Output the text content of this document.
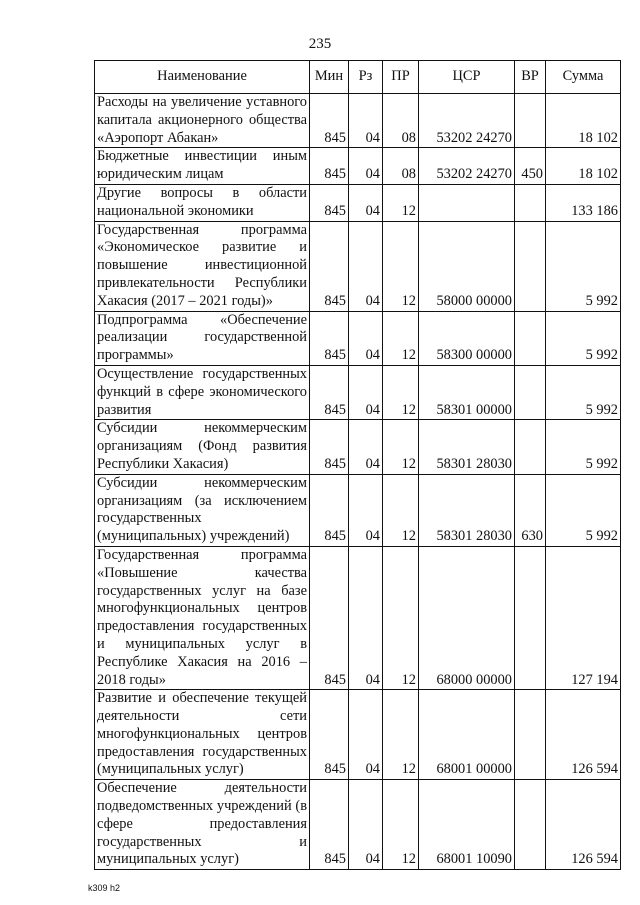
235
Наименование	Мин	Рз	ПР	ЦСР	ВР	Сумма
Расходы на увеличение уставного капитала акционерного общества «Аэропорт Абакан»	845	04	08	53202 24270		18 102
Бюджетные инвестиции иным юридическим лицам	845	04	08	53202 24270	450	18 102
Другие вопросы в области национальной экономики	845	04	12			133 186
Государственная программа «Экономическое развитие и повышение инвестиционной привлекательности Республики Хакасия (2017 – 2021 годы)»	845	04	12	58000 00000		5 992
Подпрограмма «Обеспечение реализации государственной программы»	845	04	12	58300 00000		5 992
Осуществление государственных функций в сфере экономического развития	845	04	12	58301 00000		5 992
Субсидии некоммерческим организациям (Фонд развития Республики Хакасия)	845	04	12	58301 28030		5 992
Субсидии некоммерческим организациям (за исключением государственных (муниципальных) учреждений)	845	04	12	58301 28030	630	5 992
Государственная программа «Повышение качества государственных услуг на базе многофункциональных центров предоставления государственных и муниципальных услуг в Республике Хакасия на 2016 – 2018 годы»	845	04	12	68000 00000		127 194
Развитие и обеспечение текущей деятельности сети многофункциональных центров предоставления государственных (муниципальных услуг)	845	04	12	68001 00000		126 594
Обеспечение деятельности подведомственных учреждений (в сфере предоставления государственных и муниципальных услуг)	845	04	12	68001 10090		126 594
k309 h2
